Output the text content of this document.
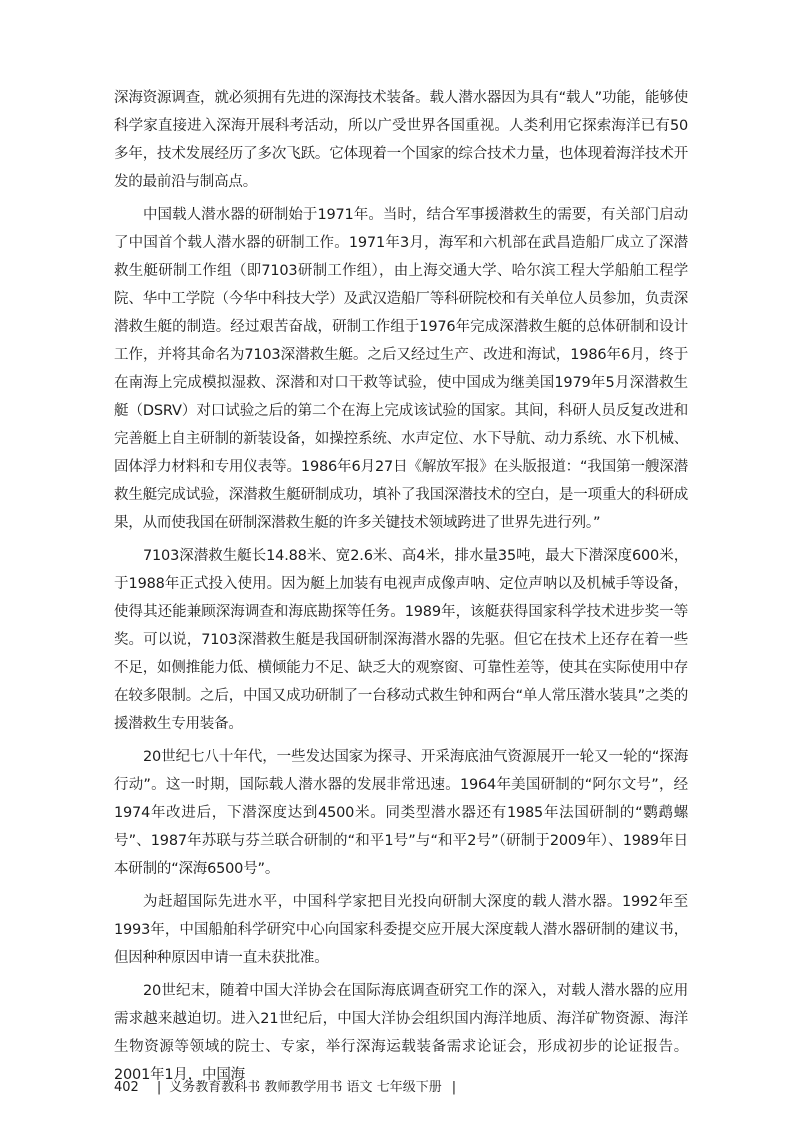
深海资源调查，就必须拥有先进的深海技术装备。载人潜水器因为具有“载人”功能，能够使科学家直接进入深海开展科考活动，所以广受世界各国重视。人类利用它探索海洋已有50多年，技术发展经历了多次飞跃。它体现着一个国家的综合技术力量，也体现着海洋技术开发的最前沿与制高点。

中国载人潜水器的研制始于1971年。当时，结合军事援潜救生的需要，有关部门启动了中国首个载人潜水器的研制工作。1971年3月，海军和六机部在武昌造船厂成立了深潜救生艇研制工作组（即7103研制工作组），由上海交通大学、哈尔滨工程大学船舶工程学院、华中工学院（今华中科技大学）及武汉造船厂等科研院校和有关单位人员参加，负责深潜救生艇的制造。经过艰苦奋战，研制工作组于1976年完成深潜救生艇的总体研制和设计工作，并将其命名为7103深潜救生艇。之后又经过生产、改进和海试，1986年6月，终于在南海上完成模拟湿救、深潜和对口干救等试验，使中国成为继美国1979年5月深潜救生艇（DSRV）对口试验之后的第二个在海上完成该试验的国家。其间，科研人员反复改进和完善艇上自主研制的新装设备，如操控系统、水声定位、水下导航、动力系统、水下机械、固体浮力材料和专用仪表等。1986年6月27日《解放军报》在头版报道：“我国第一艘深潜救生艇完成试验，深潜救生艇研制成功，填补了我国深潜技术的空白，是一项重大的科研成果，从而使我国在研制深潜救生艇的许多关键技术领域跨进了世界先进行列。”

7103深潜救生艇长14.88米、宽2.6米、高4米，排水量35吨，最大下潜深度600米，于1988年正式投入使用。因为艇上加装有电视声成像声呐、定位声呐以及机械手等设备，使得其还能兼顾深海调查和海底勘探等任务。1989年，该艇获得国家科学技术进步奖一等奖。可以说，7103深潜救生艇是我国研制深海潜水器的先驱。但它在技术上还存在着一些不足，如侧推能力低、横倾能力不足、缺乏大的观察窗、可靠性差等，使其在实际使用中存在较多限制。之后，中国又成功研制了一台移动式救生钟和两台“单人常压潜水装具”之类的援潜救生专用装备。

20世纪七八十年代，一些发达国家为探寻、开采海底油气资源展开一轮又一轮的“探海行动”。这一时期，国际载人潜水器的发展非常迅速。1964年美国研制的“阿尔文号”，经1974年改进后，下潜深度达到4500米。同类型潜水器还有1985年法国研制的“鹦鹉螺号”、1987年苏联与芬兰联合研制的“和平1号”与“和平2号”（研制于2009年）、1989年日本研制的“深海6500号”。

为赶超国际先进水平，中国科学家把目光投向研制大深度的载人潜水器。1992年至1993年，中国船舶科学研究中心向国家科委提交应开展大深度载人潜水器研制的建议书，但因种种原因申请一直未获批准。

20世纪末，随着中国大洋协会在国际海底调查研究工作的深入，对载人潜水器的应用需求越来越迫切。进入21世纪后，中国大洋协会组织国内海洋地质、海洋矿物资源、海洋生物资源等领域的院士、专家，举行深海运载装备需求论证会，形成初步的论证报告。2001年1月，中国海

402 | 义务教育教科书 教师教学用书 语文 七年级下册 |
